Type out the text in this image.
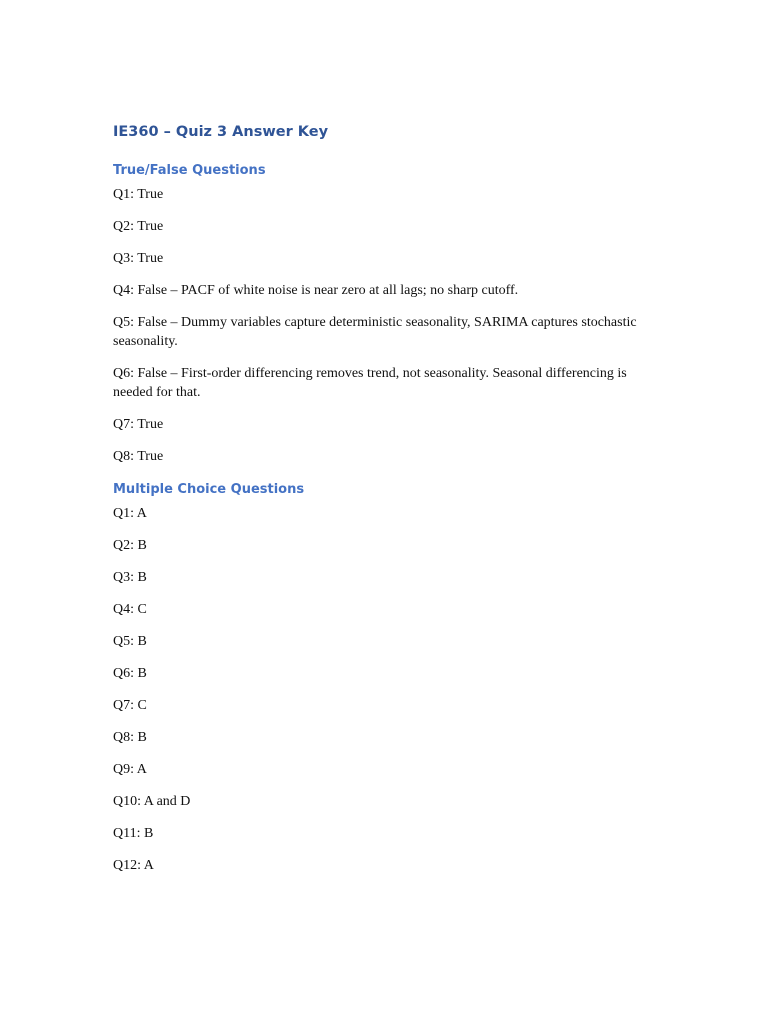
IE360 – Quiz 3 Answer Key
True/False Questions
Q1: True
Q2: True
Q3: True
Q4: False – PACF of white noise is near zero at all lags; no sharp cutoff.
Q5: False – Dummy variables capture deterministic seasonality, SARIMA captures stochastic seasonality.
Q6: False – First-order differencing removes trend, not seasonality. Seasonal differencing is needed for that.
Q7: True
Q8: True
Multiple Choice Questions
Q1: A
Q2: B
Q3: B
Q4: C
Q5: B
Q6: B
Q7: C
Q8: B
Q9: A
Q10: A and D
Q11: B
Q12: A
